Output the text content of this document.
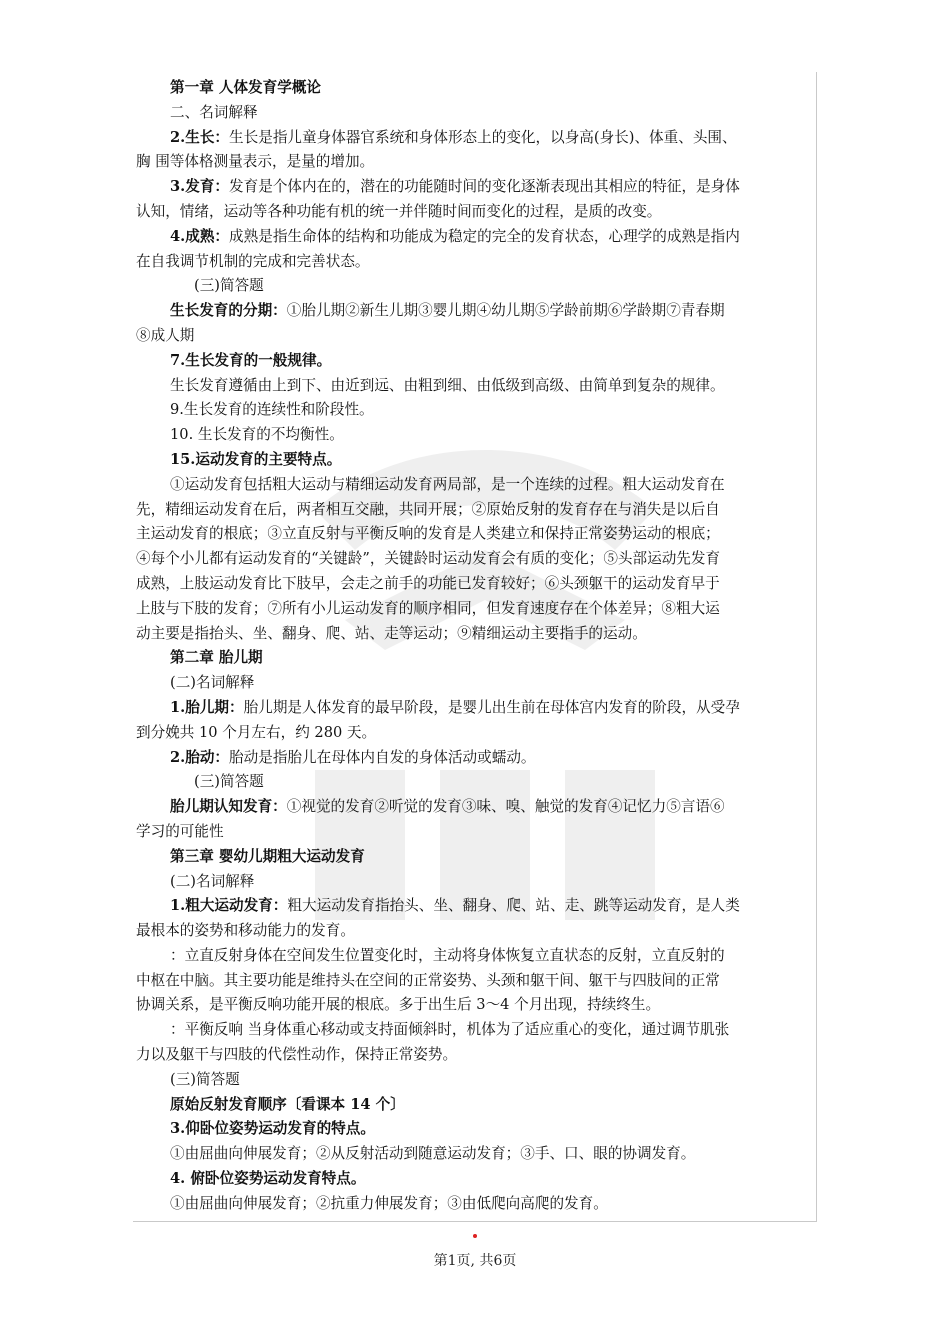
第一章 人体发育学概论

二、名词解释

2.生长：生长是指儿童身体器官系统和身体形态上的变化，以身高(身长)、体重、头围、

胸 围等体格测量表示，是量的增加。

3.发育：发育是个体内在的，潜在的功能随时间的变化逐渐表现出其相应的特征，是身体

认知，情绪，运动等各种功能有机的统一并伴随时间而变化的过程，是质的改变。

4.成熟：成熟是指生命体的结构和功能成为稳定的完全的发育状态，心理学的成熟是指内

在自我调节机制的完成和完善状态。

(三)简答题

生长发育的分期：①胎儿期②新生儿期③婴儿期④幼儿期⑤学龄前期⑥学龄期⑦青春期

⑧成人期

7.生长发育的一般规律。

生长发育遵循由上到下、由近到远、由粗到细、由低级到高级、由简单到复杂的规律。

9.生长发育的连续性和阶段性。

10. 生长发育的不均衡性。

15.运动发育的主要特点。

①运动发育包括粗大运动与精细运动发育两局部，是一个连续的过程。粗大运动发育在

先，精细运动发育在后，两者相互交融，共同开展；②原始反射的发育存在与消失是以后自

主运动发育的根底；③立直反射与平衡反响的发育是人类建立和保持正常姿势运动的根底；

④每个小儿都有运动发育的“关键龄”，关键龄时运动发育会有质的变化；⑤头部运动先发育

成熟，上肢运动发育比下肢早，会走之前手的功能已发育较好；⑥头颈躯干的运动发育早于

上肢与下肢的发育；⑦所有小儿运动发育的顺序相同，但发育速度存在个体差异；⑧粗大运

动主要是指抬头、坐、翻身、爬、站、走等运动；⑨精细运动主要指手的运动。

第二章 胎儿期

(二)名词解释

1.胎儿期：胎儿期是人体发育的最早阶段，是婴儿出生前在母体宫内发育的阶段，从受孕

到分娩共 10 个月左右，约 280 天。

2.胎动：胎动是指胎儿在母体内自发的身体活动或蠕动。

(三)简答题

胎儿期认知发育：①视觉的发育②听觉的发育③味、嗅、触觉的发育④记忆力⑤言语⑥

学习的可能性

第三章 婴幼儿期粗大运动发育

(二)名词解释

1.粗大运动发育：粗大运动发育指抬头、坐、翻身、爬、站、走、跳等运动发育，是人类

最根本的姿势和移动能力的发育。

：立直反射身体在空间发生位置变化时，主动将身体恢复立直状态的反射，立直反射的

中枢在中脑。其主要功能是维持头在空间的正常姿势、头颈和躯干间、躯干与四肢间的正常

协调关系，是平衡反响功能开展的根底。多于出生后 3～4 个月出现，持续终生。

：平衡反响 当身体重心移动或支持面倾斜时，机体为了适应重心的变化，通过调节肌张

力以及躯干与四肢的代偿性动作，保持正常姿势。

(三)简答题

原始反射发育顺序〔看课本 14 个〕

3.仰卧位姿势运动发育的特点。

①由屈曲向伸展发育；②从反射活动到随意运动发育；③手、口、眼的协调发育。

4. 俯卧位姿势运动发育特点。

①由屈曲向伸展发育；②抗重力伸展发育；③由低爬向高爬的发育。

第1页, 共6页
